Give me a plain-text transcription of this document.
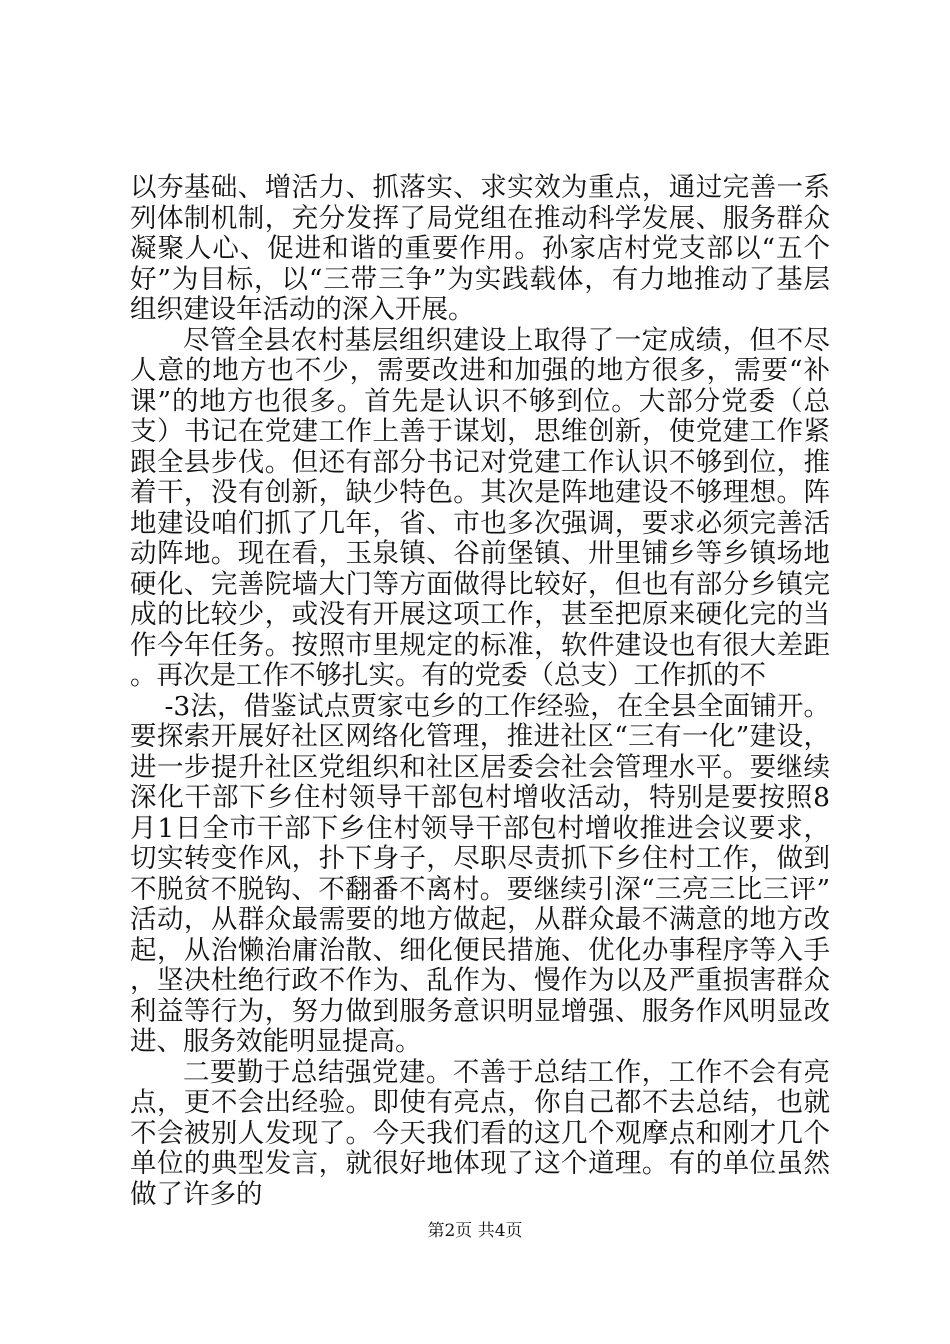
以夯基础、增活力、抓落实、求实效为重点，通过完善一系列体制机制，充分发挥了局党组在推动科学发展、服务群众凝聚人心、促进和谐的重要作用。孙家店村党支部以“五个好”为目标，以“三带三争”为实践载体，有力地推动了基层组织建设年活动的深入开展。

尽管全县农村基层组织建设上取得了一定成绩，但不尽人意的地方也不少，需要改进和加强的地方很多，需要“补课”的地方也很多。首先是认识不够到位。大部分党委（总支）书记在党建工作上善于谋划，思维创新，使党建工作紧跟全县步伐。但还有部分书记对党建工作认识不够到位，推着干，没有创新，缺少特色。其次是阵地建设不够理想。阵地建设咱们抓了几年，省、市也多次强调，要求必须完善活动阵地。现在看，玉泉镇、谷前堡镇、卅里铺乡等乡镇场地硬化、完善院墙大门等方面做得比较好，但也有部分乡镇完成的比较少，或没有开展这项工作，甚至把原来硬化完的当作今年任务。按照市里规定的标准，软件建设也有很大差距。再次是工作不够扎实。有的党委（总支）工作抓的不

-3法，借鉴试点贾家屯乡的工作经验，在全县全面铺开。要探索开展好社区网络化管理，推进社区“三有一化”建设，进一步提升社区党组织和社区居委会社会管理水平。要继续深化干部下乡住村领导干部包村增收活动，特别是要按照8月1日全市干部下乡住村领导干部包村增收推进会议要求，切实转变作风，扑下身子，尽职尽责抓下乡住村工作，做到不脱贫不脱钩、不翻番不离村。要继续引深“三亮三比三评”活动，从群众最需要的地方做起，从群众最不满意的地方改起，从治懒治庸治散、细化便民措施、优化办事程序等入手，坚决杜绝行政不作为、乱作为、慢作为以及严重损害群众利益等行为，努力做到服务意识明显增强、服务作风明显改进、服务效能明显提高。

二要勤于总结强党建。不善于总结工作，工作不会有亮点，更不会出经验。即使有亮点，你自己都不去总结，也就不会被别人发现了。今天我们看的这几个观摩点和刚才几个单位的典型发言，就很好地体现了这个道理。有的单位虽然做了许多的

第2页 共4页
